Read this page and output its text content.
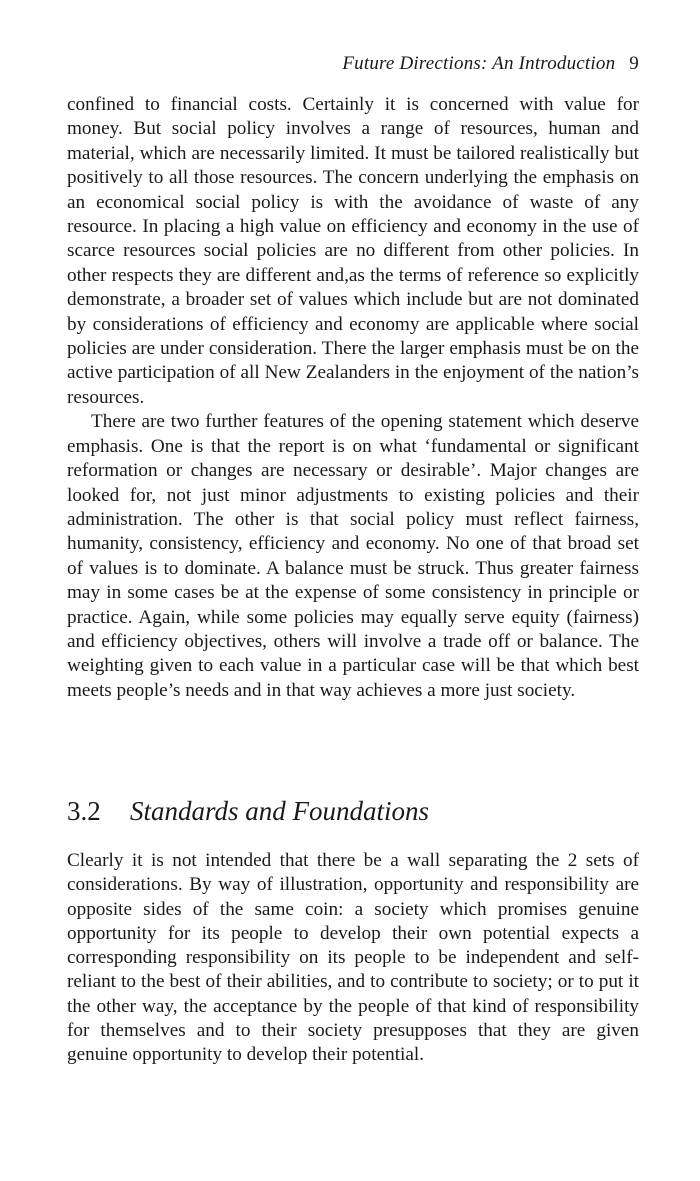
Future Directions: An Introduction 9

confined to financial costs. Certainly it is concerned with value for money. But social policy involves a range of resources, human and material, which are necessarily limited. It must be tailored realistically but positively to all those resources. The concern underlying the emphasis on an economical social policy is with the avoidance of waste of any resource. In placing a high value on efficiency and economy in the use of scarce resources social policies are no different from other policies. In other respects they are different and,as the terms of reference so explicitly demonstrate, a broader set of values which include but are not dominated by considerations of efficiency and economy are applicable where social policies are under consideration. There the larger emphasis must be on the active participation of all New Zealanders in the enjoyment of the nation’s resources.

There are two further features of the opening statement which deserve emphasis. One is that the report is on what ‘fundamental or significant reformation or changes are necessary or desirable’. Major changes are looked for, not just minor adjustments to existing policies and their administration. The other is that social policy must reflect fairness, humanity, consistency, efficiency and economy. No one of that broad set of values is to dominate. A balance must be struck. Thus greater fairness may in some cases be at the expense of some consistency in principle or practice. Again, while some policies may equally serve equity (fairness) and efficiency objectives, others will involve a trade off or balance. The weighting given to each value in a particular case will be that which best meets people’s needs and in that way achieves a more just society.

3.2 Standards and Foundations

Clearly it is not intended that there be a wall separating the 2 sets of considerations. By way of illustration, opportunity and responsibility are opposite sides of the same coin: a society which promises genuine opportunity for its people to develop their own potential expects a corresponding responsibility on its people to be independent and self-reliant to the best of their abilities, and to contribute to society; or to put it the other way, the acceptance by the people of that kind of responsibility for themselves and to their society presupposes that they are given genuine opportunity to develop their potential.
